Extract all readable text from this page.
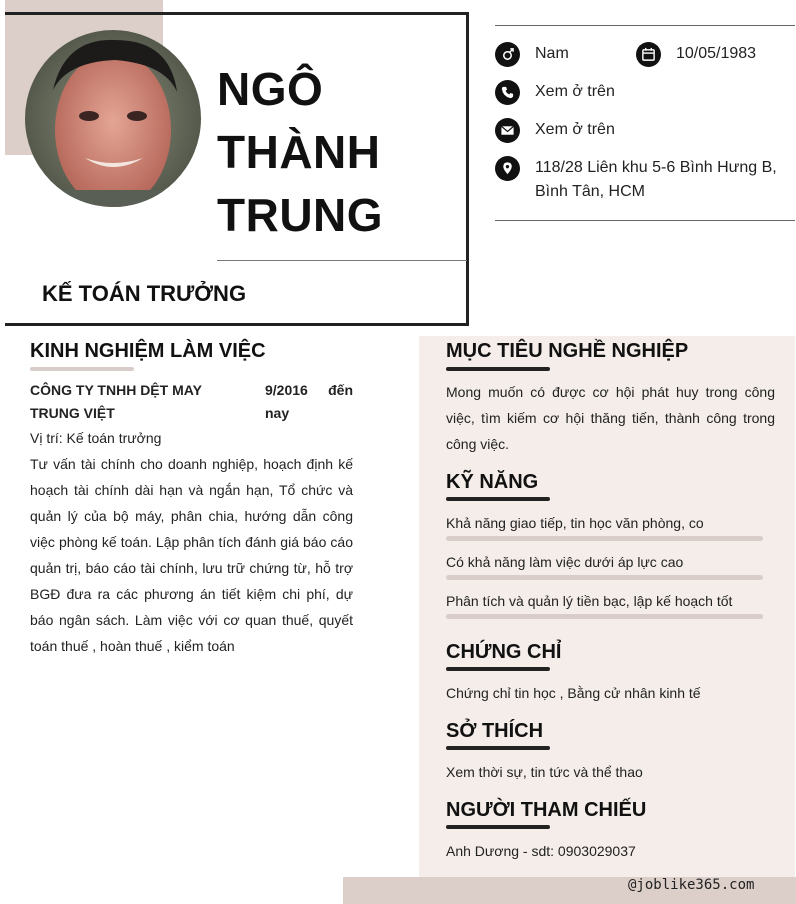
NGÔ
THÀNH
TRUNG
KẾ TOÁN TRƯỞNG
Nam	10/05/1983
Xem ở trên
Xem ở trên
118/28 Liên khu 5-6 Bình Hưng B, Bình Tân, HCM
KINH NGHIỆM LÀM VIỆC
CÔNG TY TNHH DỆT MAY TRUNG VIỆT
9/2016 đến nay
Vị trí: Kế toán trưởng
Tư vấn tài chính cho doanh nghiệp, hoạch định kế hoạch tài chính dài hạn và ngắn hạn, Tổ chức và quản lý của bộ máy, phân chia, hướng dẫn công việc phòng kế toán. Lập phân tích đánh giá báo cáo quản trị, báo cáo tài chính, lưu trữ chứng từ, hỗ trợ BGĐ đưa ra các phương án tiết kiệm chi phí, dự báo ngân sách. Làm việc với cơ quan thuế, quyết toán thuế , hoàn thuế , kiểm toán
MỤC TIÊU NGHỀ NGHIỆP
Mong muốn có được cơ hội phát huy trong công việc, tìm kiếm cơ hội thăng tiến, thành công trong công việc.
KỸ NĂNG
Khả năng giao tiếp, tin học văn phòng, co
Có khả năng làm việc dưới áp lực cao
Phân tích và quản lý tiền bạc, lập kế hoạch tốt
CHỨNG CHỈ
Chứng chỉ tin học , Bằng cử nhân kinh tế
SỞ THÍCH
Xem thời sự, tin tức và thể thao
NGƯỜI THAM CHIẾU
Anh Dương - sdt: 0903029037
@joblike365.com
